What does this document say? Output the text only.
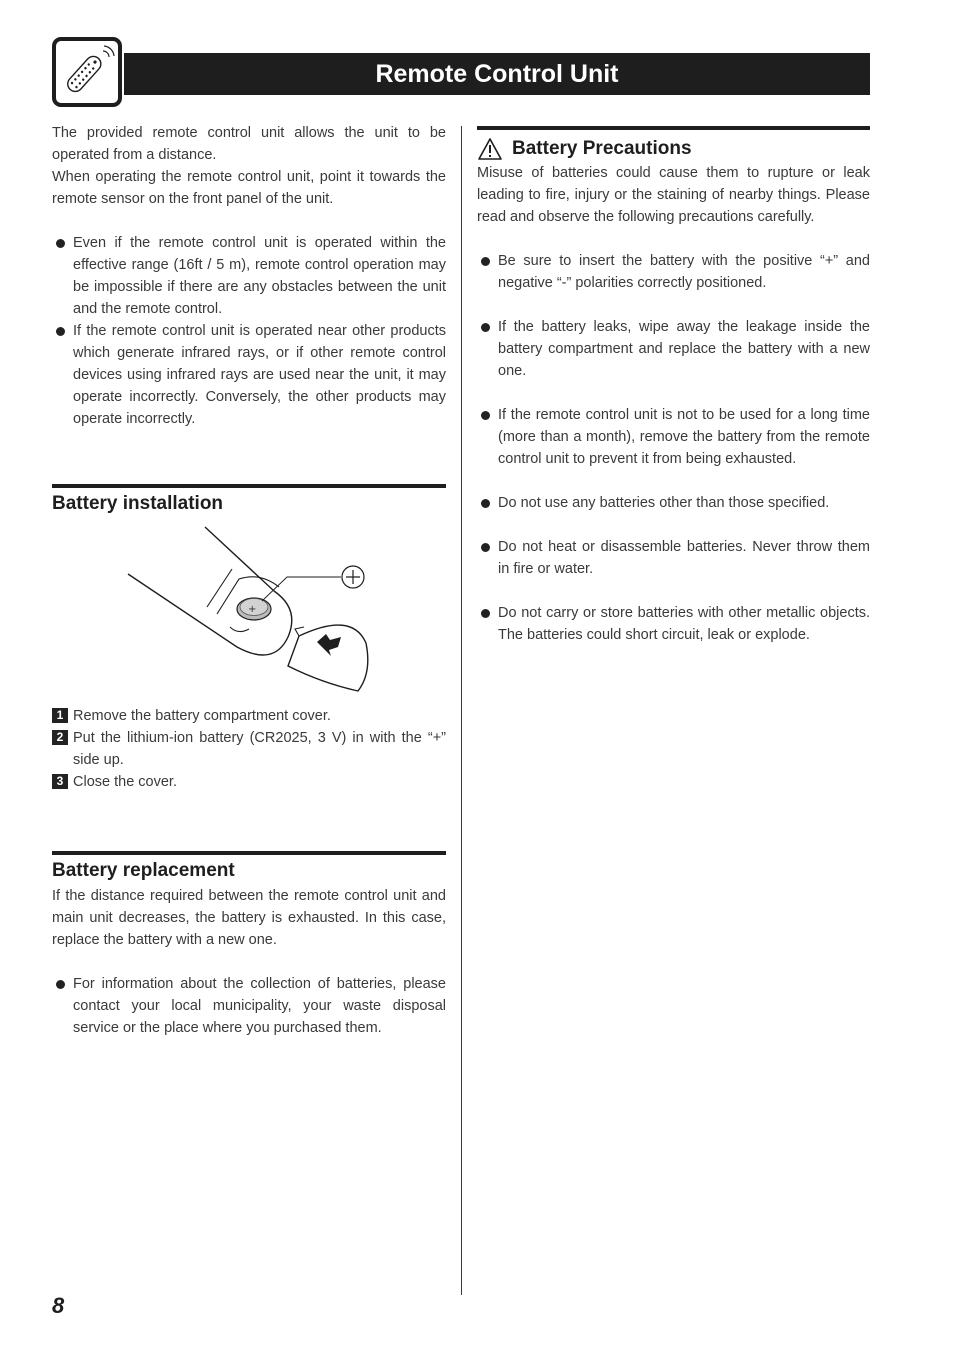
Remote Control Unit

The provided remote control unit allows the unit to be operated from a distance.

When operating the remote control unit, point it towards the remote sensor on the front panel of the unit.

Even if the remote control unit is operated within the effective range (16ft / 5 m), remote control operation may be impossible if there are any obstacles between the unit and the remote control.
If the remote control unit is operated near other products which generate infrared rays, or if other remote control devices using infrared rays are used near the unit, it may operate incorrectly. Conversely, the other products may operate incorrectly.
Battery installation
+
1 Remove the battery compartment cover.
2 Put the lithium-ion battery (CR2025, 3 V) in with the “+” side up.
3 Close the cover.
Battery replacement

If the distance required between the remote control unit and main unit decreases, the battery is exhausted. In this case, replace the battery with a new one.

For information about the collection of batteries, please contact your local municipality, your waste disposal service or the place where you purchased them.
Battery Precautions

Misuse of batteries could cause them to rupture or leak leading to fire, injury or the staining of nearby things. Please read and observe the following precautions carefully.

Be sure to insert the battery with the positive “+” and negative “-” polarities correctly positioned.
If the battery leaks, wipe away the leakage inside the battery compartment and replace the battery with a new one.
If the remote control unit is not to be used for a long time (more than a month), remove the battery from the remote control unit to prevent it from being exhausted.
Do not use any batteries other than those specified.
Do not heat or disassemble batteries. Never throw them in fire or water.
Do not carry or store batteries with other metallic objects. The batteries could short circuit, leak or explode.
8
